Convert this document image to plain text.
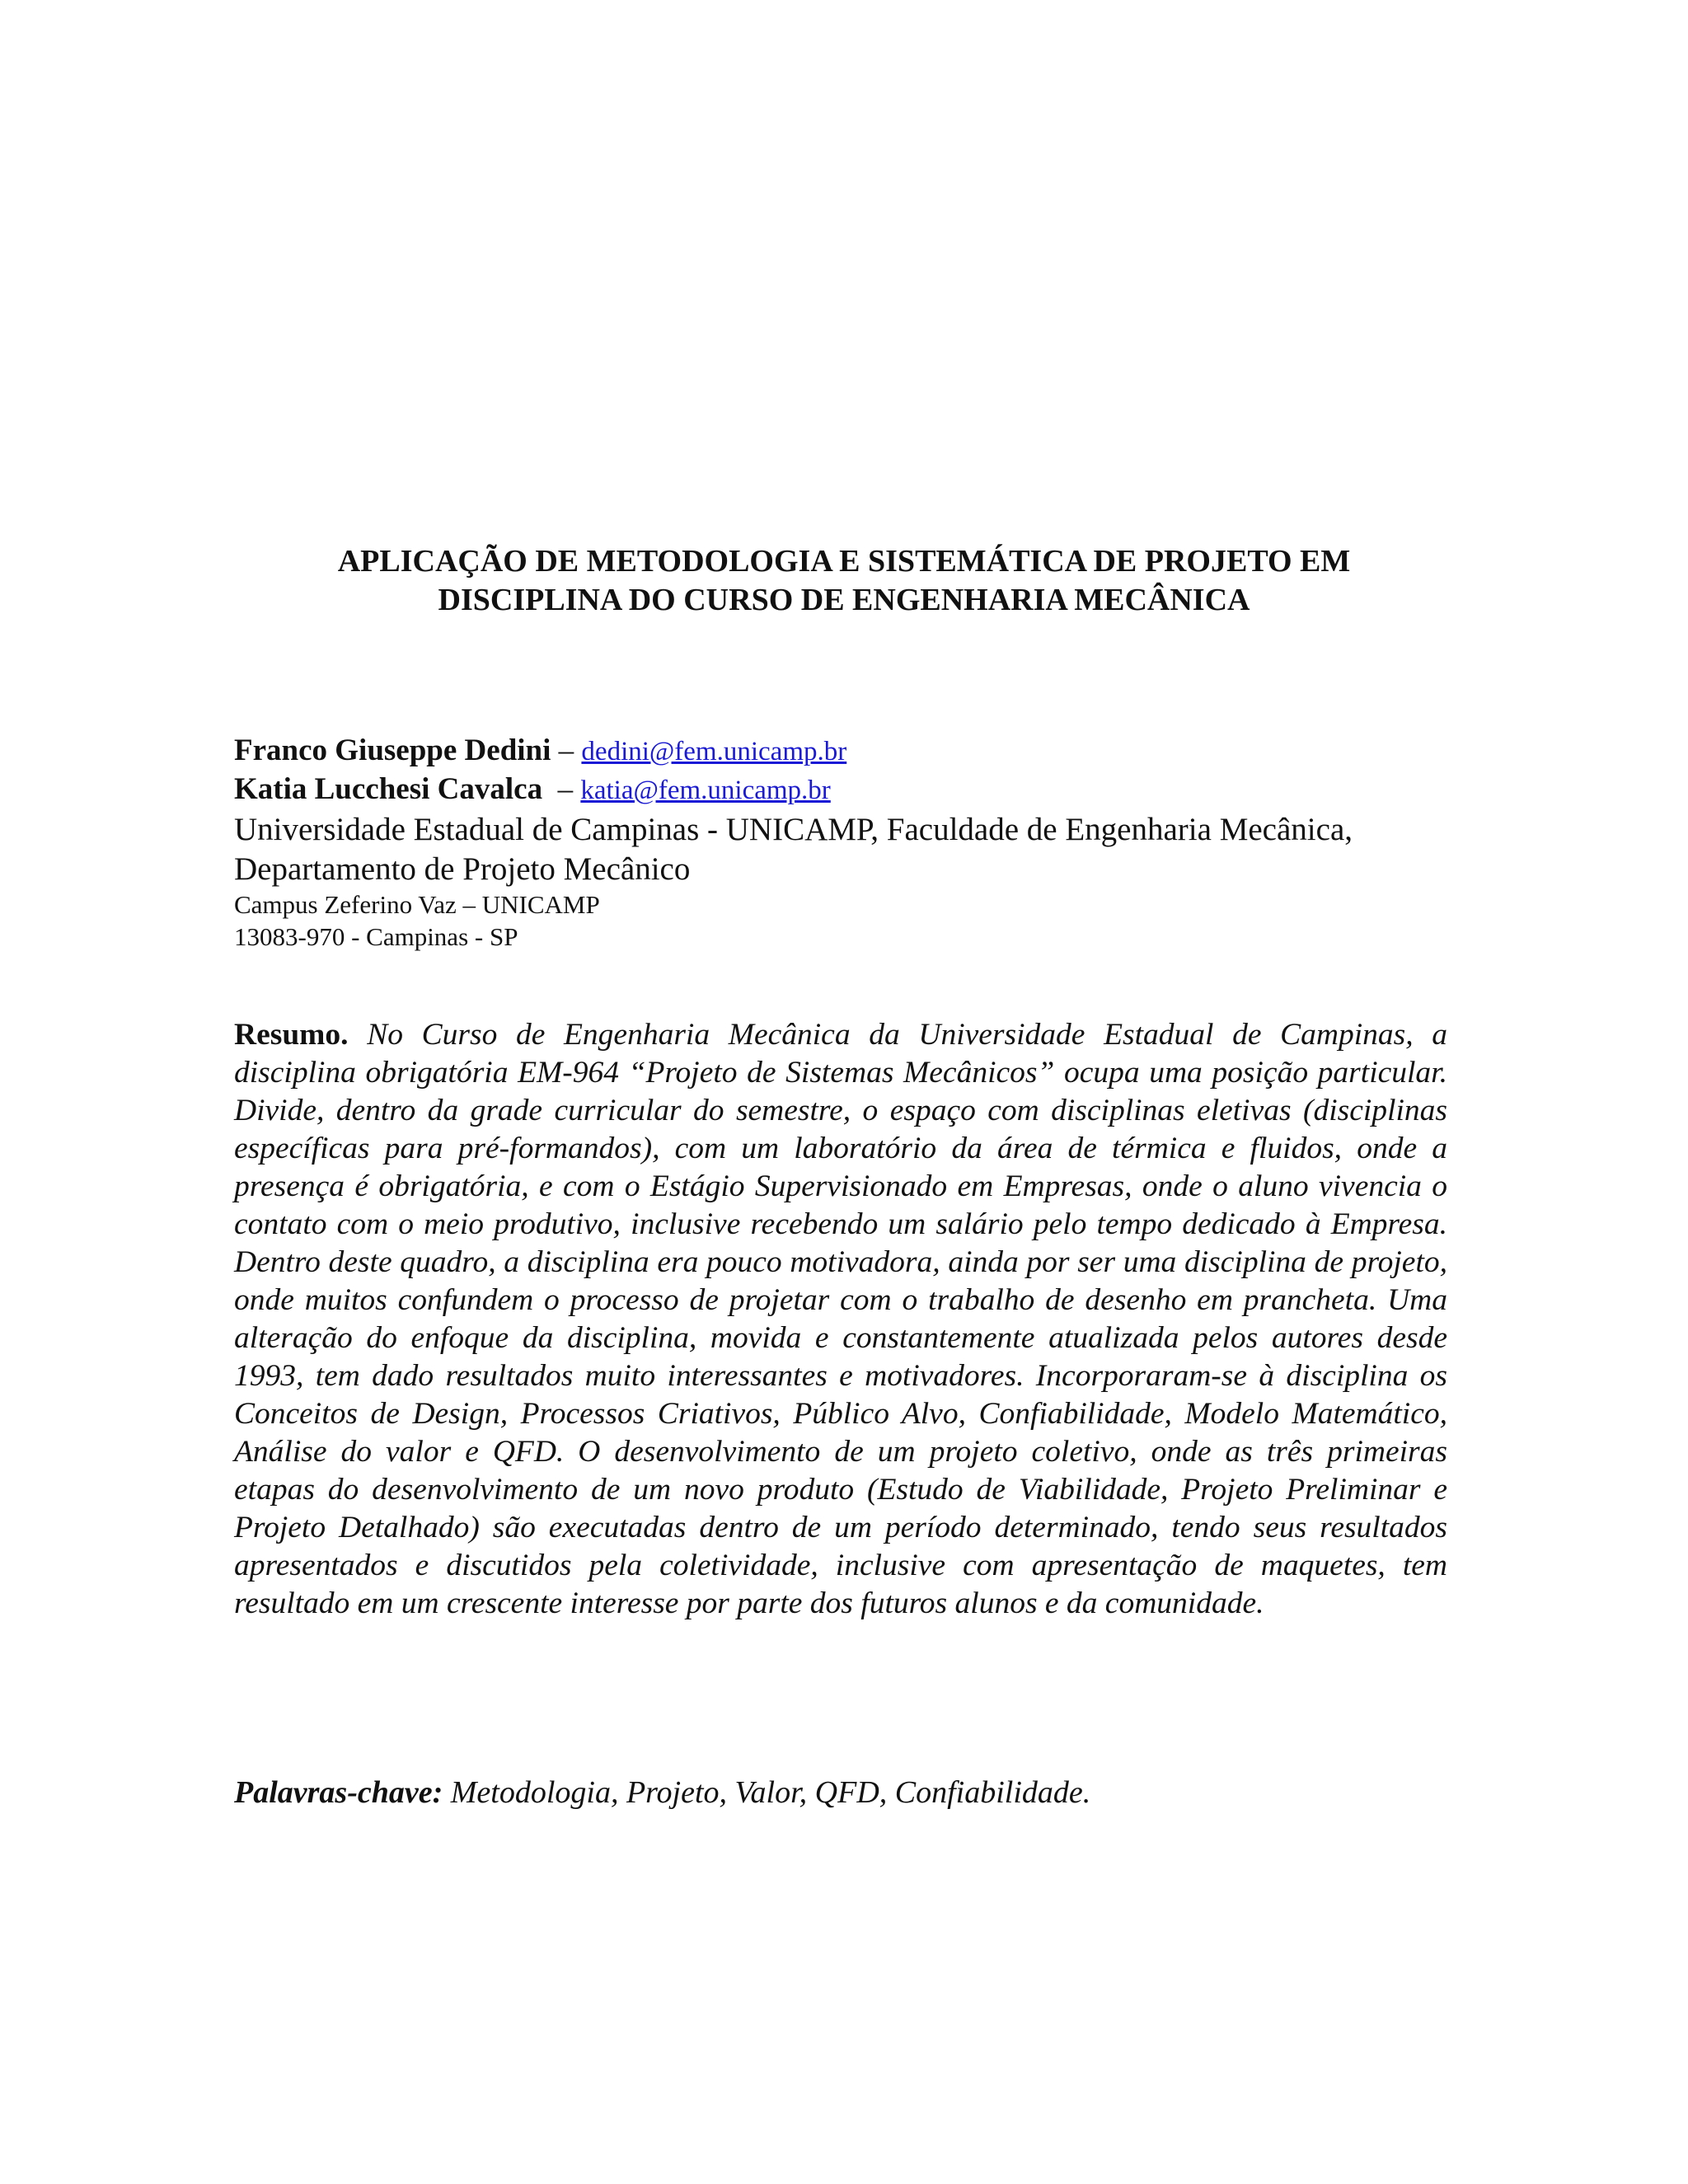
APLICAÇÃO DE METODOLOGIA E SISTEMÁTICA DE PROJETO EM
DISCIPLINA DO CURSO DE ENGENHARIA MECÂNICA
Franco Giuseppe Dedini – dedini@fem.unicamp.br
Katia Lucchesi Cavalca  – katia@fem.unicamp.br
Universidade Estadual de Campinas - UNICAMP, Faculdade de Engenharia Mecânica,
Departamento de Projeto Mecânico
Campus Zeferino Vaz – UNICAMP
13083-970 - Campinas - SP

Resumo. No Curso de Engenharia Mecânica da Universidade Estadual de Campinas, a disciplina obrigatória EM-964 “Projeto de Sistemas Mecânicos” ocupa uma posição particular. Divide, dentro da grade curricular do semestre, o espaço com disciplinas eletivas (disciplinas específicas para pré-formandos), com um laboratório da área de térmica e fluidos, onde a presença é obrigatória, e com o Estágio Supervisionado em Empresas, onde o aluno vivencia o contato com o meio produtivo, inclusive recebendo um salário pelo tempo dedicado à Empresa. Dentro deste quadro, a disciplina era pouco motivadora, ainda por ser uma disciplina de projeto, onde muitos confundem o processo de projetar com o trabalho de desenho em prancheta. Uma alteração do enfoque da disciplina, movida e constantemente atualizada pelos autores desde 1993, tem dado resultados muito interessantes e motivadores. Incorporaram-se à disciplina os Conceitos de Design, Processos Criativos, Público Alvo, Confiabilidade, Modelo Matemático, Análise do valor e QFD. O desenvolvimento de um projeto coletivo, onde as três primeiras etapas do desenvolvimento de um novo produto (Estudo de Viabilidade, Projeto Preliminar e Projeto Detalhado) são executadas dentro de um período determinado, tendo seus resultados apresentados e discutidos pela coletividade, inclusive com apresentação de maquetes, tem resultado em um crescente interesse por parte dos futuros alunos e da comunidade.

Palavras-chave: Metodologia, Projeto, Valor, QFD, Confiabilidade.
